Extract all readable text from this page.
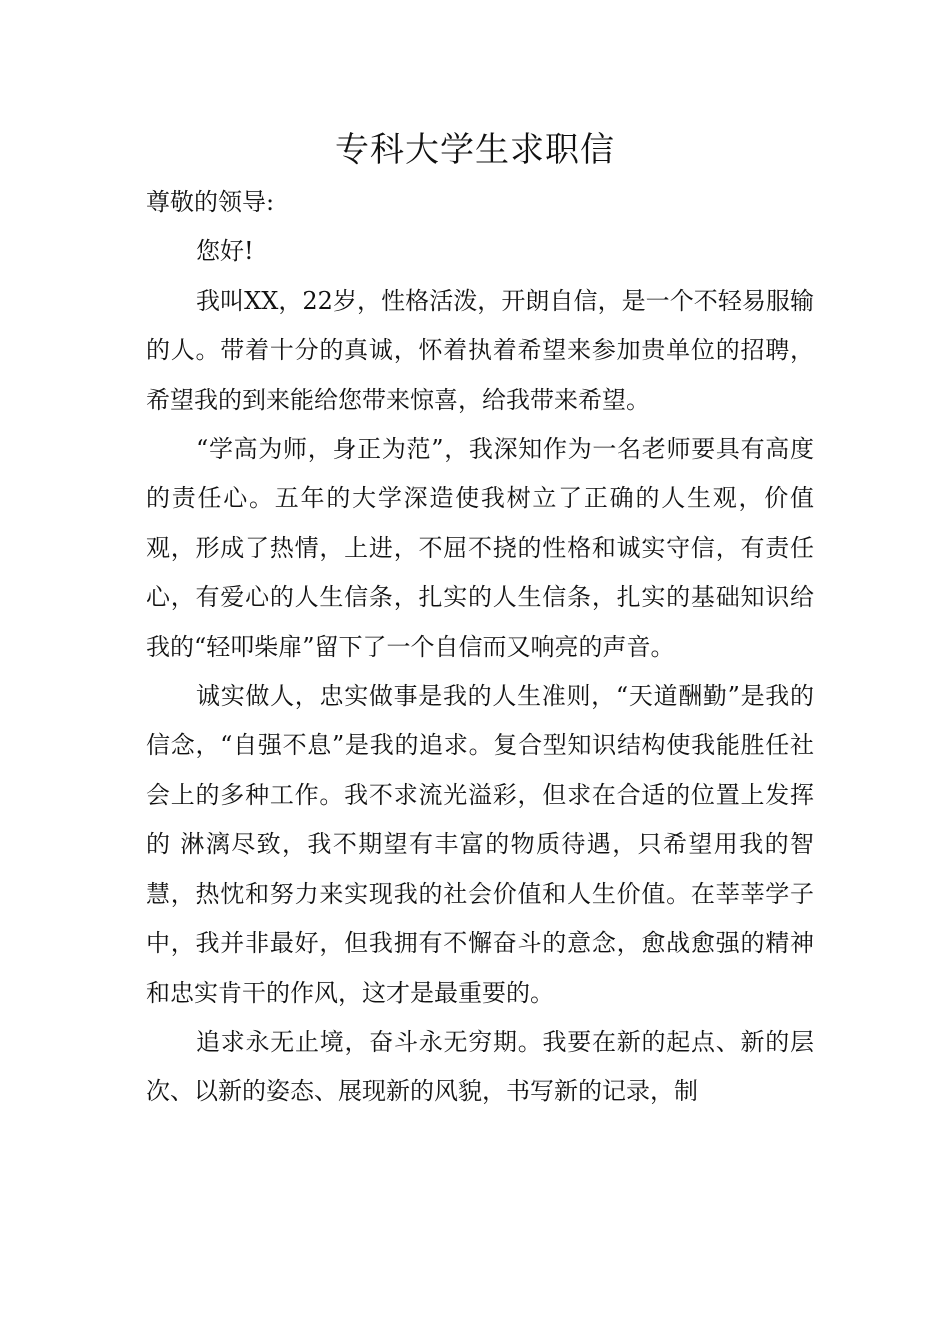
专科大学生求职信

尊敬的领导:

您好!

我叫XX，22岁，性格活泼，开朗自信，是一个不轻易服输的人。带着十分的真诚，怀着执着希望来参加贵单位的招聘，希望我的到来能给您带来惊喜，给我带来希望。

“学高为师，身正为范”，我深知作为一名老师要具有高度的责任心。五年的大学深造使我树立了正确的人生观，价值观，形成了热情，上进，不屈不挠的性格和诚实守信，有责任心，有爱心的人生信条，扎实的人生信条，扎实的基础知识给我的“轻叩柴扉”留下了一个自信而又响亮的声音。

诚实做人，忠实做事是我的人生准则，“天道酬勤”是我的信念，“自强不息”是我的追求。复合型知识结构使我能胜任社会上的多种工作。我不求流光溢彩，但求在合适的位置上发挥的 淋漓尽致，我不期望有丰富的物质待遇，只希望用我的智慧，热忱和努力来实现我的社会价值和人生价值。在莘莘学子中，我并非最好，但我拥有不懈奋斗的意念，愈战愈强的精神和忠实肯干的作风，这才是最重要的。

追求永无止境，奋斗永无穷期。我要在新的起点、新的层次、以新的姿态、展现新的风貌，书写新的记录，制
